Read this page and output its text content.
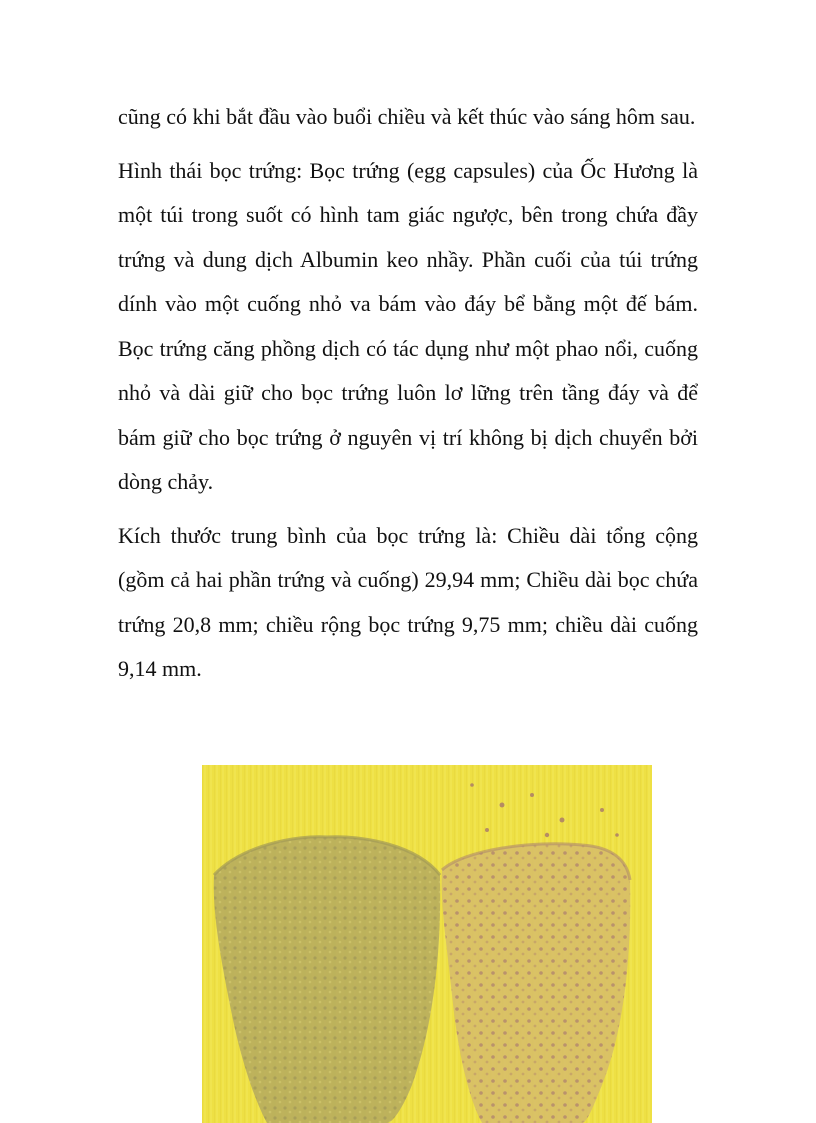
cũng có khi bắt đầu vào buổi chiều và kết thúc vào sáng hôm sau.

Hình thái bọc trứng: Bọc trứng (egg capsules) của Ốc Hương là một túi trong suốt có hình tam giác ngược, bên trong chứa đầy trứng và dung dịch Albumin keo nhầy. Phần cuối của túi trứng dính vào một cuống nhỏ va bám vào đáy bể bằng một đế bám. Bọc trứng căng phồng dịch có tác dụng như một phao nổi, cuống nhỏ và dài giữ cho bọc trứng luôn lơ lững trên tầng đáy và để bám giữ cho bọc trứng ở nguyên vị trí không bị dịch chuyển bởi dòng chảy.

Kích thước trung bình của bọc trứng là: Chiều dài tổng cộng (gồm cả hai phần trứng và cuống) 29,94 mm; Chiều dài bọc chứa trứng 20,8 mm; chiều rộng bọc trứng 9,75 mm; chiều dài cuống 9,14 mm.
